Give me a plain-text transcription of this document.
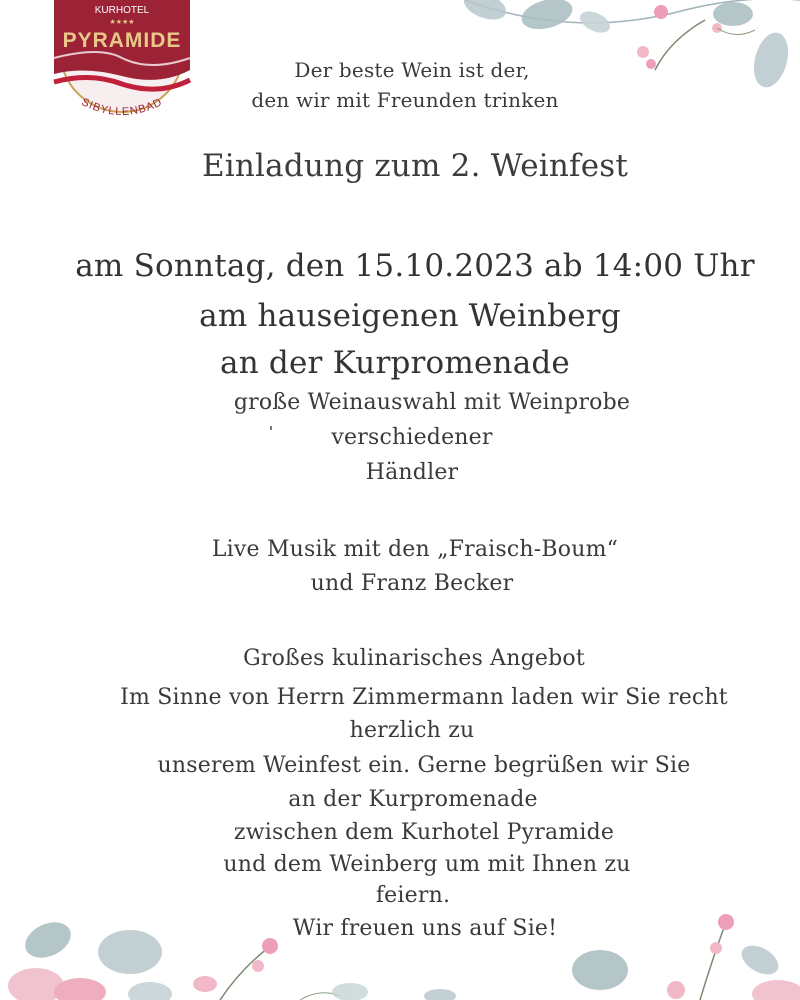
KURHOTEL
★★★★
PYRAMIDE
SIBYLLENBAD
Der beste Wein ist der,
den wir mit Freunden trinken
Einladung zum 2. Weinfest
am Sonntag, den 15.10.2023 ab 14:00 Uhr
am hauseigenen Weinberg
an der Kurpromenade
große Weinauswahl mit Weinprobe
verschiedener
Händler
Live Musik mit den „Fraisch-Boum“
und Franz Becker
Großes kulinarisches Angebot
Im Sinne von Herrn Zimmermann laden wir Sie recht
herzlich zu
unserem Weinfest ein. Gerne begrüßen wir Sie
an der Kurpromenade
zwischen dem Kurhotel Pyramide
und dem Weinberg um mit Ihnen zu
feiern.
Wir freuen uns auf Sie!
